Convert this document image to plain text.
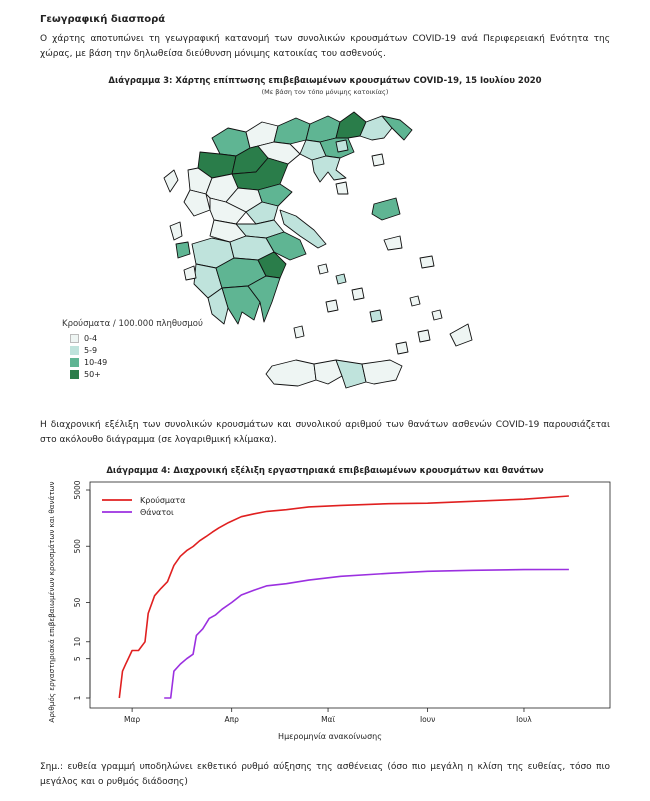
Γεωγραφική διασπορά
Ο χάρτης αποτυπώνει τη γεωγραφική κατανομή των συνολικών κρουσμάτων COVID-19 ανά Περιφερειακή Ενότητα της χώρας, με βάση την δηλωθείσα διεύθυνση μόνιμης κατοικίας του ασθενούς.
Διάγραμμα 3: Χάρτης επίπτωσης επιβεβαιωμένων κρουσμάτων COVID-19, 15 Ιουλίου 2020
(Με βάση τον τόπο μόνιμης κατοικίας)
Κρούσματα / 100.000 πληθυσμού
0-4
5-9
10-49
50+
Η διαχρονική εξέλιξη των συνολικών κρουσμάτων και συνολικού αριθμού των θανάτων ασθενών COVID-19 παρουσιάζεται στο ακόλουθο διάγραμμα (σε λογαριθμική κλίμακα).
Διάγραμμα 4: Διαχρονική εξέλιξη εργαστηριακά επιβεβαιωμένων κρουσμάτων και θανάτων
1
5
10
50
500
5000
Μαρ	Απρ	Μαϊ	Ιουν	Ιουλ
Κρούσματα
Θάνατοι
Ημερομηνία ανακοίνωσης
Αριθμός εργαστηριακά επιβεβαιωμένων κρουσμάτων και θανάτων
Σημ.: ευθεία γραμμή υποδηλώνει εκθετικό ρυθμό αύξησης της ασθένειας (όσο πιο μεγάλη η κλίση της ευθείας, τόσο πιο μεγάλος και ο ρυθμός διάδοσης)
